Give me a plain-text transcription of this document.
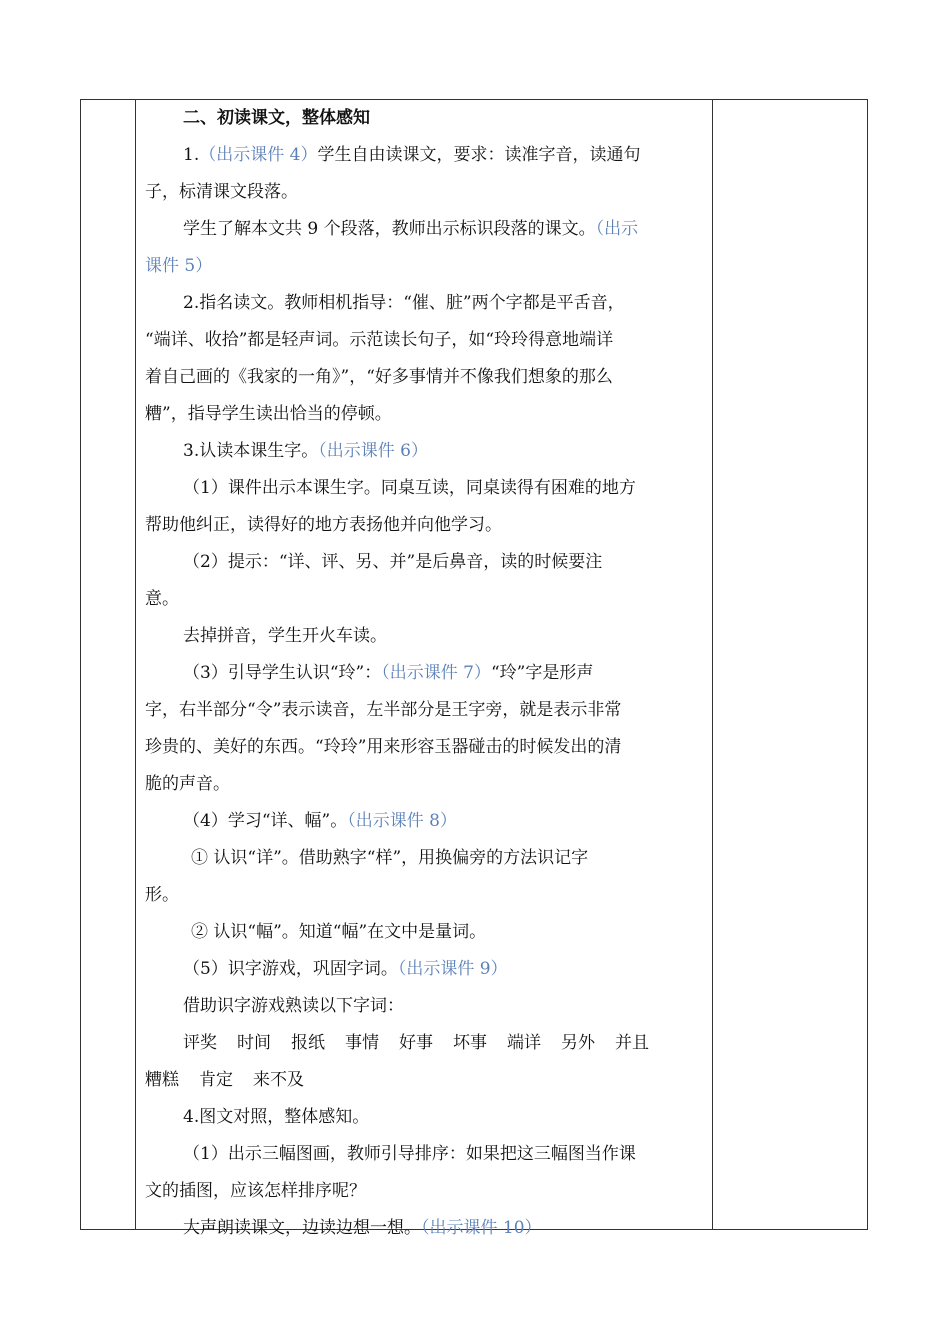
二、初读课文，整体感知
1.（出示课件 4）学生自由读课文，要求：读准字音，读通句
子，标清课文段落。
学生了解本文共 9 个段落，教师出示标识段落的课文。（出示
课件 5）
2.指名读文。教师相机指导：“催、脏”两个字都是平舌音，
“端详、收拾”都是轻声词。示范读长句子，如“玲玲得意地端详
着自己画的《我家的一角》”，“好多事情并不像我们想象的那么
糟”，指导学生读出恰当的停顿。
3.认读本课生字。（出示课件 6）
（1）课件出示本课生字。同桌互读，同桌读得有困难的地方
帮助他纠正，读得好的地方表扬他并向他学习。
（2）提示：“详、评、另、并”是后鼻音，读的时候要注
意。
去掉拼音，学生开火车读。
（3）引导学生认识“玲”：（出示课件 7）“玲”字是形声
字，右半部分“令”表示读音，左半部分是王字旁，就是表示非常
珍贵的、美好的东西。“玲玲”用来形容玉器碰击的时候发出的清
脆的声音。
（4）学习“详、幅”。（出示课件 8）
① 认识“详”。借助熟字“样”，用换偏旁的方法识记字
形。
② 认识“幅”。知道“幅”在文中是量词。
（5）识字游戏，巩固字词。（出示课件 9）
借助识字游戏熟读以下字词：
评奖 时间 报纸 事情 好事 坏事 端详 另外 并且
糟糕 肯定 来不及
4.图文对照，整体感知。
（1）出示三幅图画，教师引导排序：如果把这三幅图当作课
文的插图，应该怎样排序呢？
大声朗读课文，边读边想一想。（出示课件 10）
